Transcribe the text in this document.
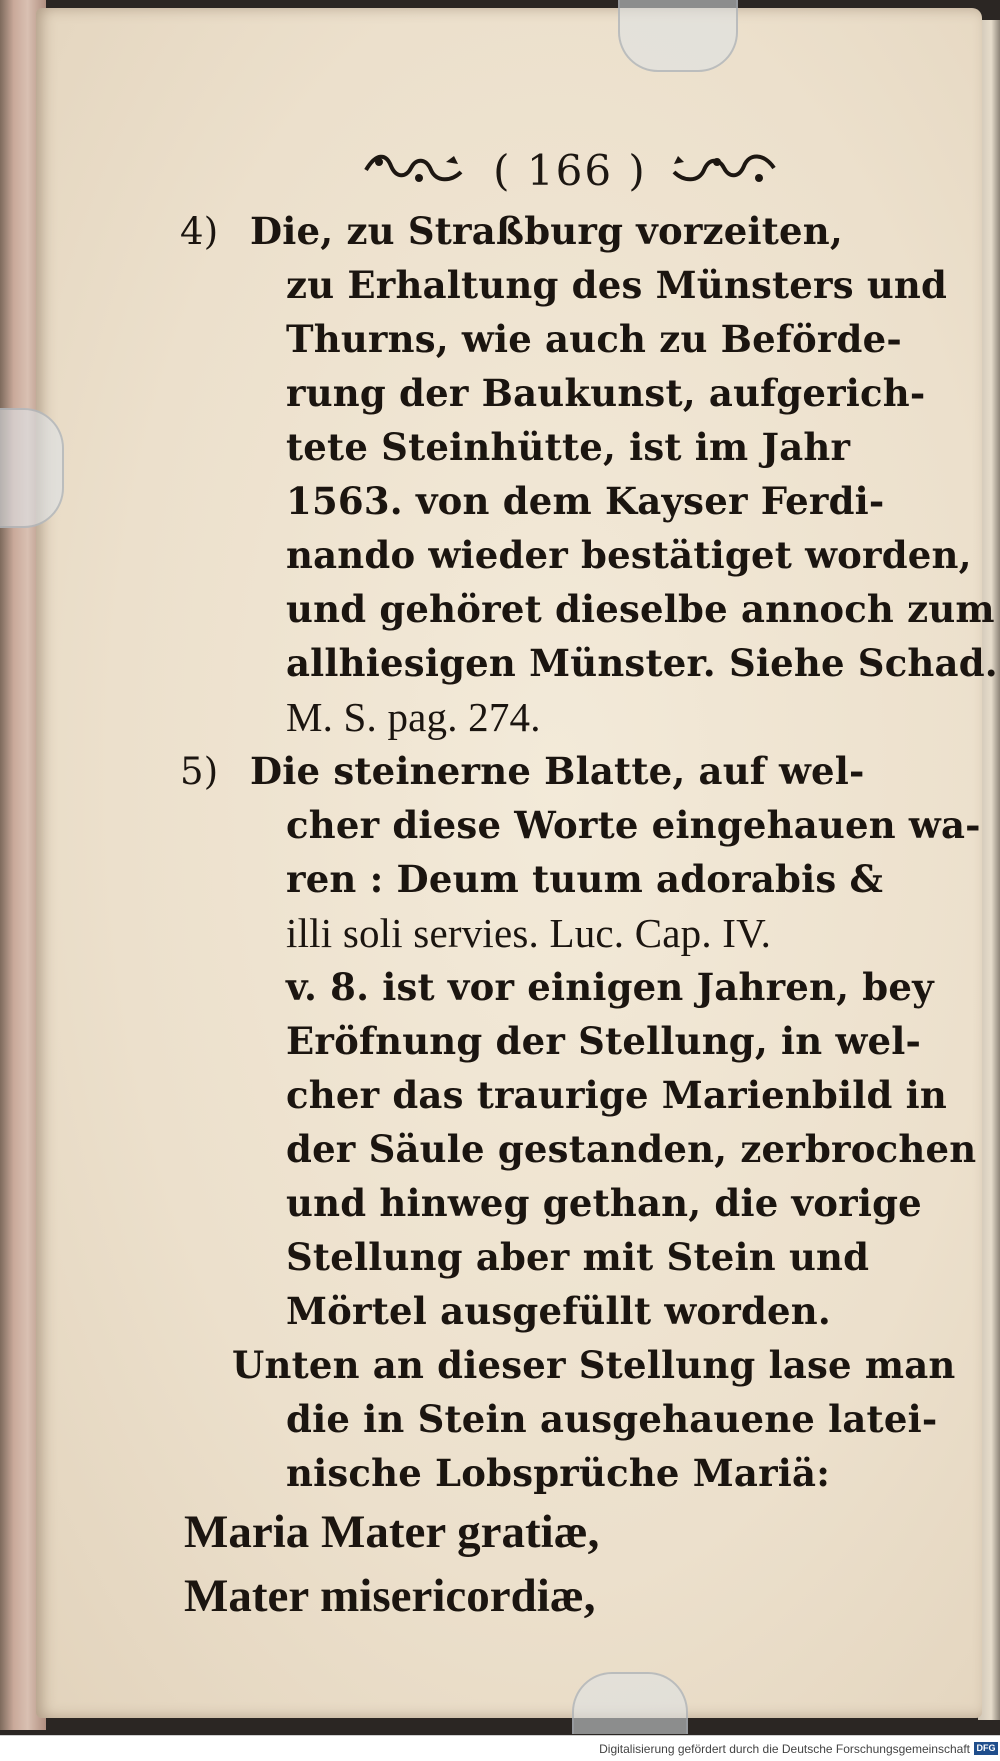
( 166 )
4) Die, zu Straßburg vorzeiten,
zu Erhaltung des Münsters und
Thurns, wie auch zu Beförde-
rung der Baukunst, aufgerich-
tete Steinhütte, ist im Jahr
1563. von dem Kayser Ferdi-
nando wieder bestätiget worden,
und gehöret dieselbe annoch zum
allhiesigen Münster. Siehe Schad.
M. S. pag. 274.
5) Die steinerne Blatte, auf wel-
cher diese Worte eingehauen wa-
ren : Deum tuum adorabis &
illi soli servies. Luc. Cap. IV.
v. 8. ist vor einigen Jahren, bey
Eröfnung der Stellung, in wel-
cher das traurige Marienbild in
der Säule gestanden, zerbrochen
und hinweg gethan, die vorige
Stellung aber mit Stein und
Mörtel ausgefüllt worden.
Unten an dieser Stellung lase man
die in Stein ausgehauene latei-
nische Lobsprüche Mariä:
Maria Mater gratiæ,
Mater misericordiæ,
Digitalisierung gefördert durch die Deutsche Forschungsgemeinschaft DFG
